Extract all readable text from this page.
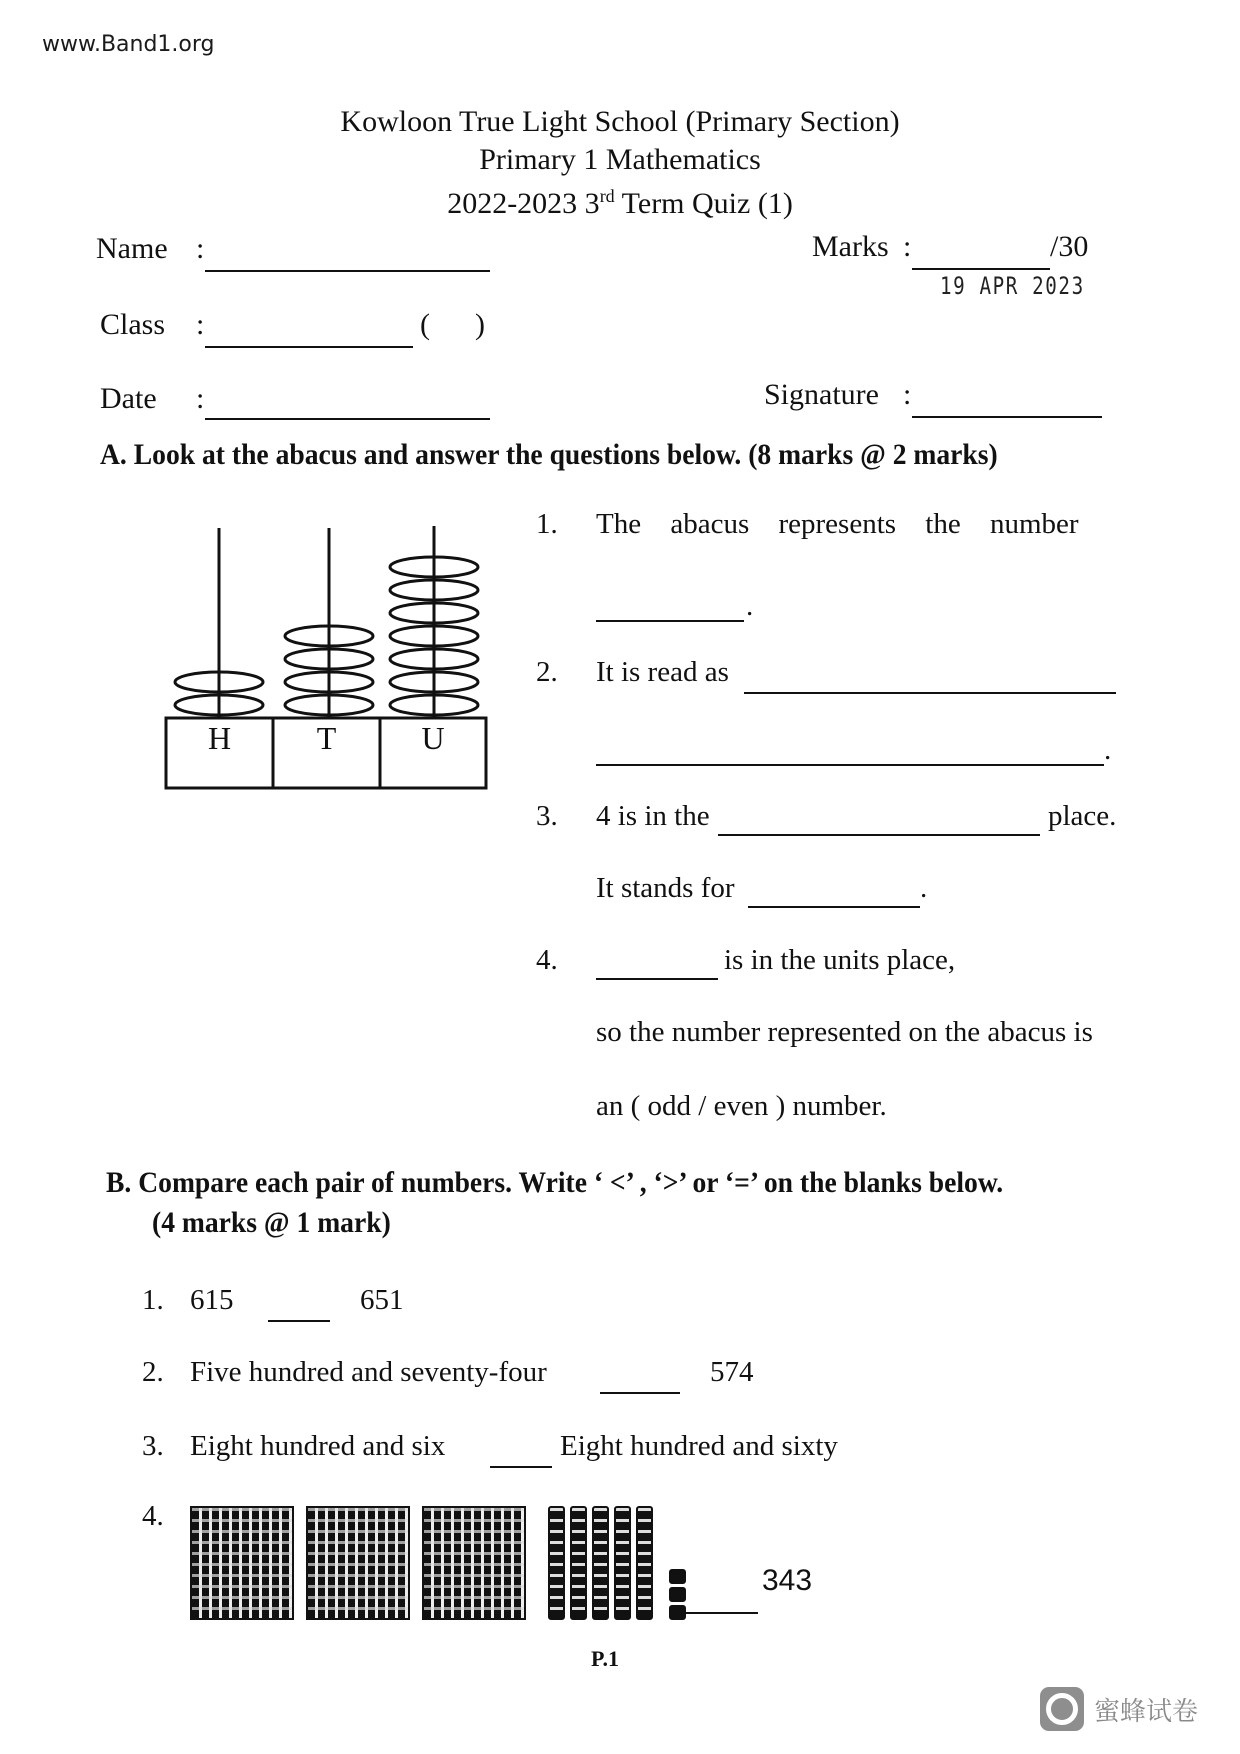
www.Band1.org
Kowloon True Light School (Primary Section)
Primary 1 Mathematics
2022-2023 3rd Term Quiz (1)
Name :	Marks :	/30
19 APR 2023
Class :	(      )
Date :	Signature :
A. Look at the abacus and answer the questions below. (8 marks @ 2 marks)
H	T	U
1. The abacus represents the number
.
2. It is read as
.
3. 4 is in the	place.
It stands for	.
4.	is in the units place,
so the number represented on the abacus is
an ( odd / even ) number.
B. Compare each pair of numbers. Write ‘ <’ , ‘>’ or ‘=’ on the blanks below.
(4 marks @ 1 mark)
1. 615	651
2. Five hundred and seventy-four	574
3. Eight hundred and six	Eight hundred and sixty
4.
343
P.1
蜜蜂试卷
